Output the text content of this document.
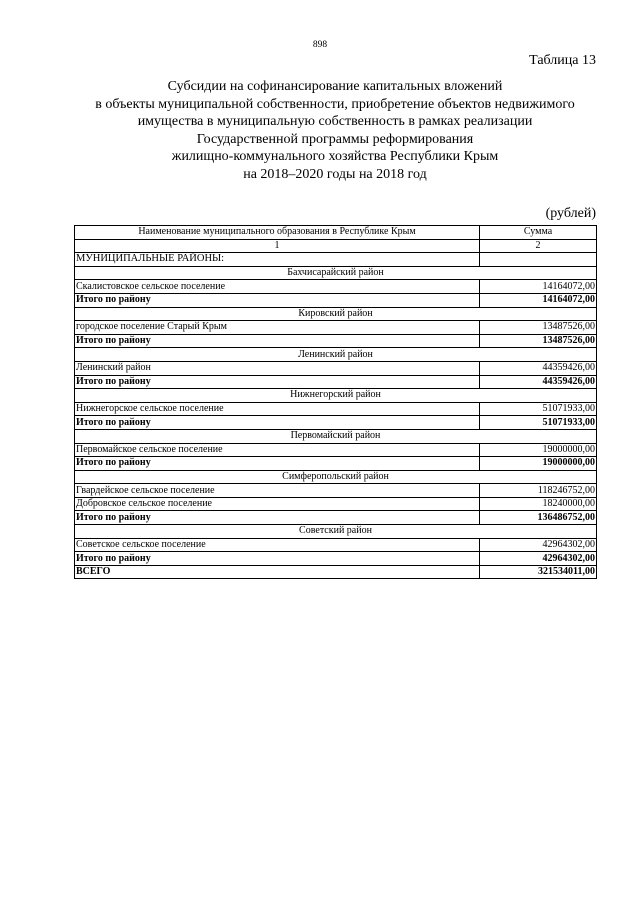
898
Таблица 13
Субсидии на софинансирование капитальных вложений
в объекты муниципальной собственности, приобретение объектов недвижимого
имущества в муниципальную собственность в рамках реализации
Государственной программы реформирования
жилищно-коммунального хозяйства Республики Крым
на 2018–2020 годы на 2018 год
(рублей)
Наименование муниципального образования в Республике Крым	Сумма
1	2
МУНИЦИПАЛЬНЫЕ РАЙОНЫ:	
Бахчисарайский район	
Скалистовское сельское поселение	14164072,00
Итого по району	14164072,00
Кировский район	
городское поселение Старый Крым	13487526,00
Итого по району	13487526,00
Ленинский район	
Ленинский район	44359426,00
Итого по району	44359426,00
Нижнегорский район	
Нижнегорское сельское поселение	51071933,00
Итого по району	51071933,00
Первомайский район	
Первомайское сельское поселение	19000000,00
Итого по району	19000000,00
Симферопольский район	
Гвардейское сельское поселение	118246752,00
Добровское сельское поселение	18240000,00
Итого по району	136486752,00
Советский район	
Советское сельское поселение	42964302,00
Итого по району	42964302,00
ВСЕГО	321534011,00
